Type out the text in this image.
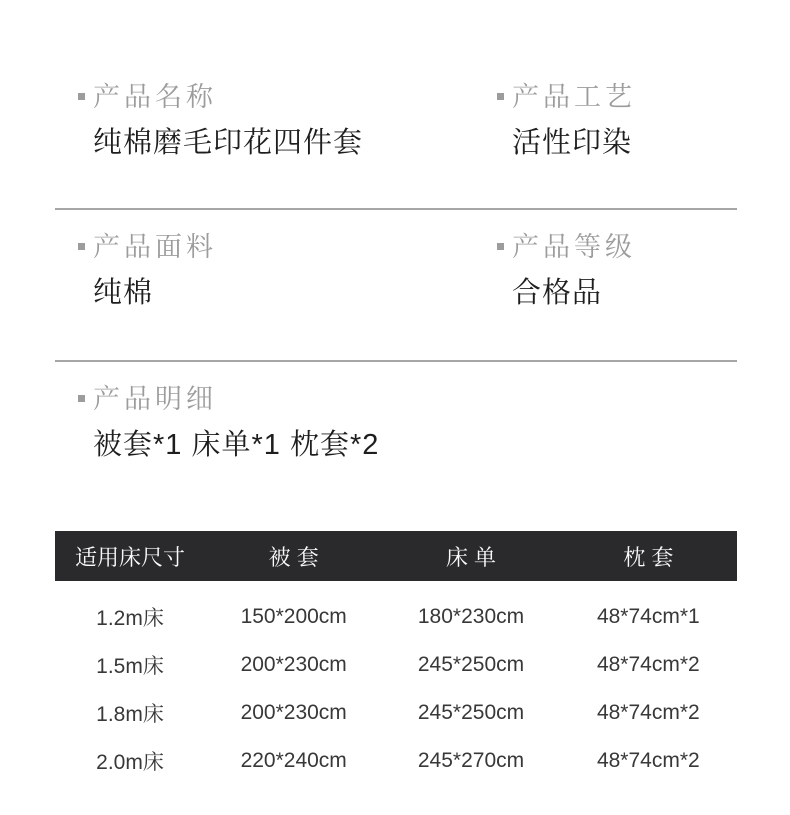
产品名称
纯棉磨毛印花四件套
产品工艺
活性印染
产品面料
纯棉
产品等级
合格品
产品明细
被套*1 床单*1 枕套*2
适用床尺寸	被 套	床 单	枕 套
1.2m床	150*200cm	180*230cm	48*74cm*1
1.5m床	200*230cm	245*250cm	48*74cm*2
1.8m床	200*230cm	245*250cm	48*74cm*2
2.0m床	220*240cm	245*270cm	48*74cm*2
